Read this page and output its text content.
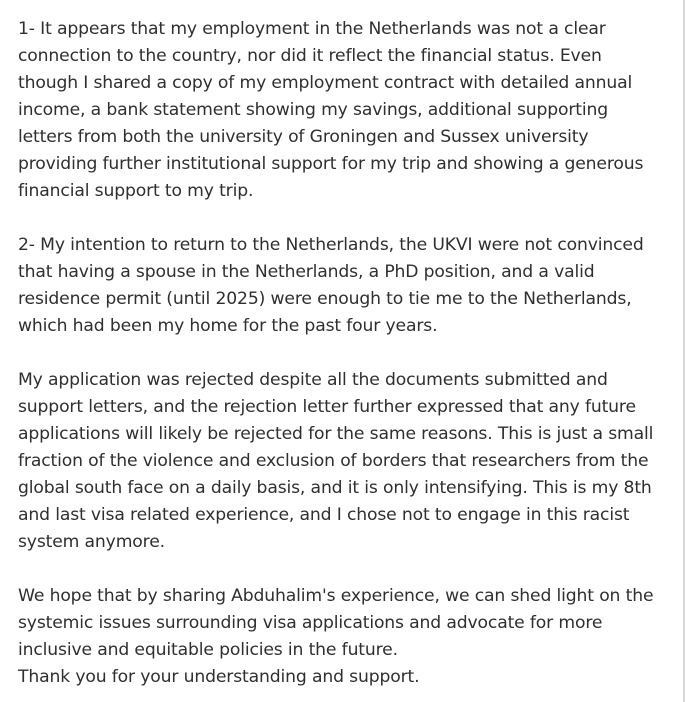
1- It appears that my employment in the Netherlands was not a clear
connection to the country, nor did it reflect the financial status. Even
though I shared a copy of my employment contract with detailed annual
income, a bank statement showing my savings, additional supporting
letters from both the university of Groningen and Sussex university
providing further institutional support for my trip and showing a generous
financial support to my trip.

2- My intention to return to the Netherlands, the UKVI were not convinced
that having a spouse in the Netherlands, a PhD position, and a valid
residence permit (until 2025) were enough to tie me to the Netherlands,
which had been my home for the past four years.

My application was rejected despite all the documents submitted and
support letters, and the rejection letter further expressed that any future
applications will likely be rejected for the same reasons. This is just a small
fraction of the violence and exclusion of borders that researchers from the
global south face on a daily basis, and it is only intensifying. This is my 8th
and last visa related experience, and I chose not to engage in this racist
system anymore.

We hope that by sharing Abduhalim's experience, we can shed light on the
systemic issues surrounding visa applications and advocate for more
inclusive and equitable policies in the future.

Thank you for your understanding and support.
